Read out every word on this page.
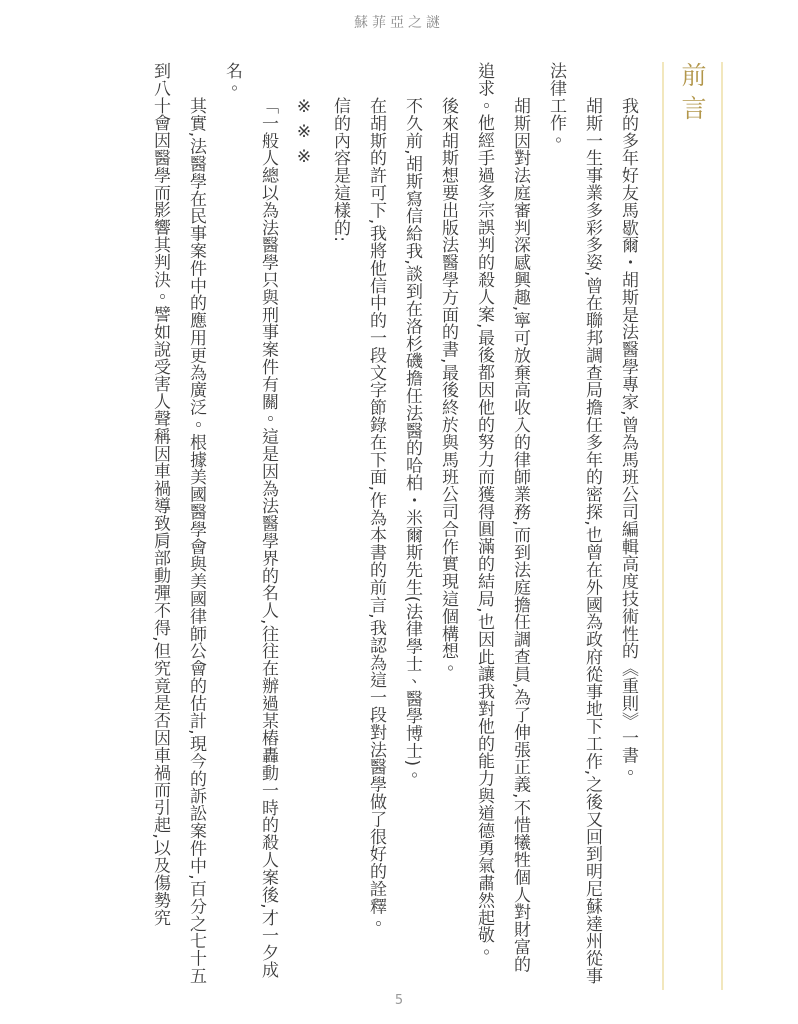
蘇菲亞之謎
前言

我的多年好友馬歇爾・胡斯是法醫學專家,曾為馬班公司編輯高度技術性的《重則》一書。

胡斯一生事業多彩多姿,曾在聯邦調查局擔任多年的密探,也曾在外國為政府從事地下工作,之後又回到明尼蘇達州從事法律工作。

胡斯因對法庭審判深感興趣,寧可放棄高收入的律師業務,而到法庭擔任調查員,為了伸張正義,不惜犧牲個人對財富的追求。他經手過多宗誤判的殺人案,最後都因他的努力而獲得圓滿的結局,也因此讓我對他的能力與道德勇氣肅然起敬。

後來胡斯想要出版法醫學方面的書,最後終於與馬班公司合作實現這個構想。

不久前,胡斯寫信給我,談到在洛杉磯擔任法醫的哈柏・米爾斯先生(法律學士、醫學博士)。

在胡斯的許可下,我將他信中的一段文字節錄在下面,作為本書的前言,我認為這一段對法醫學做了很好的詮釋。

信的內容是這樣的:

※※※

「一般人總以為法醫學只與刑事案件有關。這是因為法醫學界的名人,往往在辦過某樁轟動一時的殺人案後,才一夕成名。

其實,法醫學在民事案件中的應用更為廣泛。根據美國醫學會與美國律師公會的估計,現今的訴訟案件中,百分之七十五到八十會因醫學而影響其判決。譬如說受害人聲稱因車禍導致肩部動彈不得,但究竟是否因車禍而引起,以及傷勢究

5
